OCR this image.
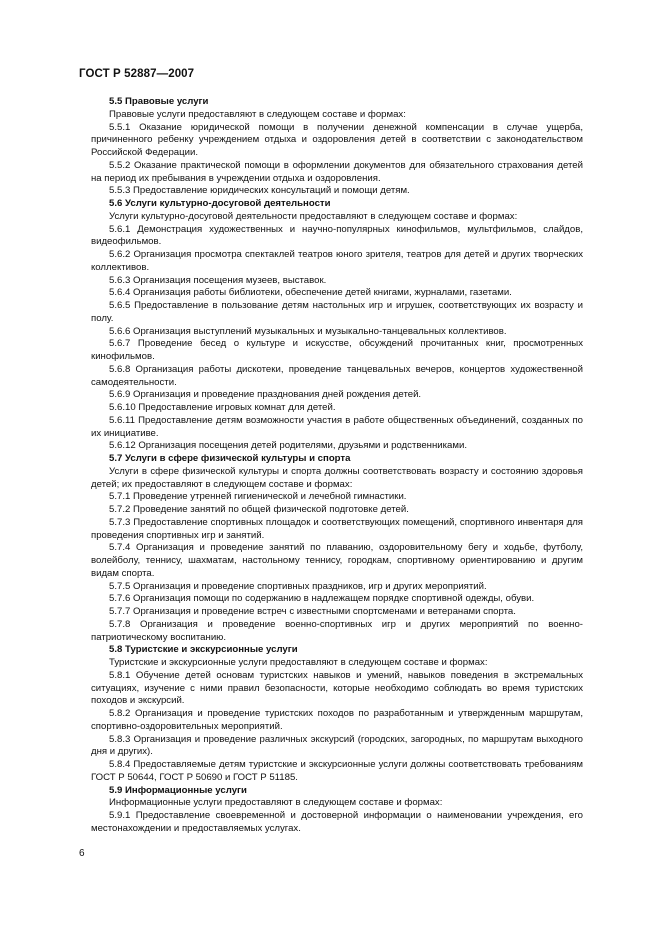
ГОСТ Р 52887—2007

5.5 Правовые услуги

Правовые услуги предоставляют в следующем составе и формах:

5.5.1 Оказание юридической помощи в получении денежной компенсации в случае ущерба, причиненного ребенку учреждением отдыха и оздоровления детей в соответствии с законодательством Российской Федерации.

5.5.2 Оказание практической помощи в оформлении документов для обязательного страхования детей на период их пребывания в учреждении отдыха и оздоровления.

5.5.3 Предоставление юридических консультаций и помощи детям.

5.6 Услуги культурно-досуговой деятельности

Услуги культурно-досуговой деятельности предоставляют в следующем составе и формах:

5.6.1 Демонстрация художественных и научно-популярных кинофильмов, мультфильмов, слайдов, видеофильмов.

5.6.2 Организация просмотра спектаклей театров юного зрителя, театров для детей и других творческих коллективов.

5.6.3 Организация посещения музеев, выставок.

5.6.4 Организация работы библиотеки, обеспечение детей книгами, журналами, газетами.

5.6.5 Предоставление в пользование детям настольных игр и игрушек, соответствующих их возрасту и полу.

5.6.6 Организация выступлений музыкальных и музыкально-танцевальных коллективов.

5.6.7 Проведение бесед о культуре и искусстве, обсуждений прочитанных книг, просмотренных кинофильмов.

5.6.8 Организация работы дискотеки, проведение танцевальных вечеров, концертов художественной самодеятельности.

5.6.9 Организация и проведение празднования дней рождения детей.

5.6.10 Предоставление игровых комнат для детей.

5.6.11 Предоставление детям возможности участия в работе общественных объединений, созданных по их инициативе.

5.6.12 Организация посещения детей родителями, друзьями и родственниками.

5.7 Услуги в сфере физической культуры и спорта

Услуги в сфере физической культуры и спорта должны соответствовать возрасту и состоянию здоровья детей; их предоставляют в следующем составе и формах:

5.7.1 Проведение утренней гигиенической и лечебной гимнастики.

5.7.2 Проведение занятий по общей физической подготовке детей.

5.7.3 Предоставление спортивных площадок и соответствующих помещений, спортивного инвентаря для проведения спортивных игр и занятий.

5.7.4 Организация и проведение занятий по плаванию, оздоровительному бегу и ходьбе, футболу, волейболу, теннису, шахматам, настольному теннису, городкам, спортивному ориентированию и другим видам спорта.

5.7.5 Организация и проведение спортивных праздников, игр и других мероприятий.

5.7.6 Организация помощи по содержанию в надлежащем порядке спортивной одежды, обуви.

5.7.7 Организация и проведение встреч с известными спортсменами и ветеранами спорта.

5.7.8 Организация и проведение военно-спортивных игр и других мероприятий по военно-патриотическому воспитанию.

5.8 Туристские и экскурсионные услуги

Туристские и экскурсионные услуги предоставляют в следующем составе и формах:

5.8.1 Обучение детей основам туристских навыков и умений, навыков поведения в экстремальных ситуациях, изучение с ними правил безопасности, которые необходимо соблюдать во время туристских походов и экскурсий.

5.8.2 Организация и проведение туристских походов по разработанным и утвержденным маршрутам, спортивно-оздоровительных мероприятий.

5.8.3 Организация и проведение различных экскурсий (городских, загородных, по маршрутам выходного дня и других).

5.8.4 Предоставляемые детям туристские и экскурсионные услуги должны соответствовать требованиям ГОСТ Р 50644, ГОСТ Р 50690 и ГОСТ Р 51185.

5.9 Информационные услуги

Информационные услуги предоставляют в следующем составе и формах:

5.9.1 Предоставление своевременной и достоверной информации о наименовании учреждения, его местонахождении и предоставляемых услугах.

6
